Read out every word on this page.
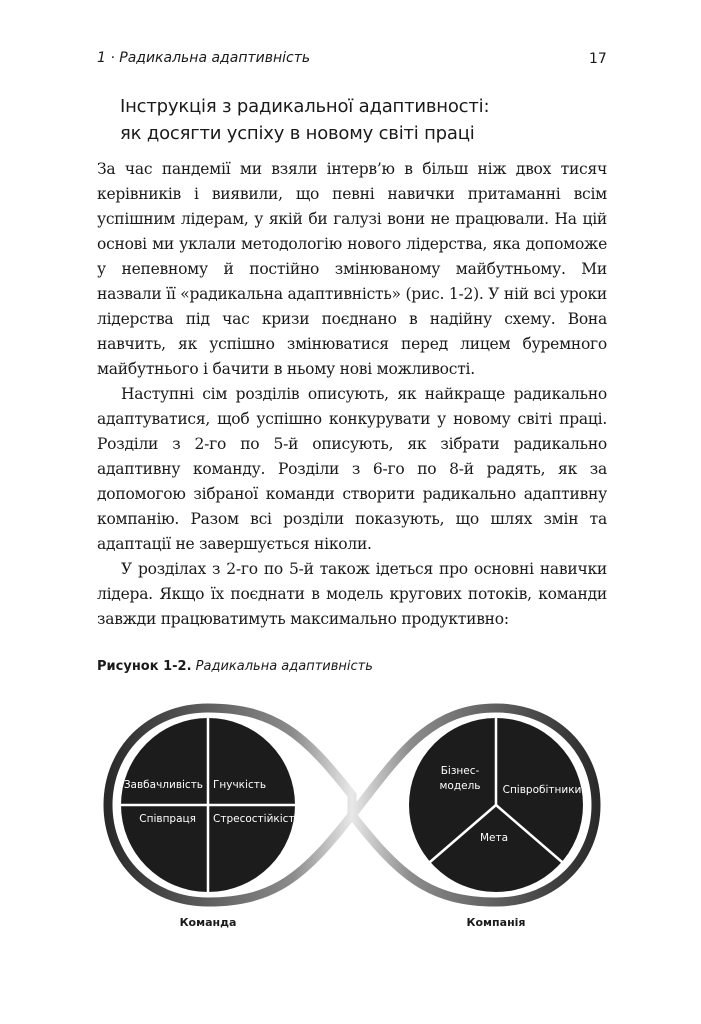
1 · Радикальна адаптивність	17
Інструкція з радикальної адаптивності:
як досягти успіху в новому світі праці

За час пандемії ми взяли інтерв’ю в більш ніж двох тисяч керівників і виявили, що певні навички притаманні всім успішним лідерам, у якій би галузі вони не працювали. На цій основі ми уклали методологію нового лідерства, яка допоможе у непевному й постійно змінюваному майбутньому. Ми назвали її «радикальна адаптивність» (рис. 1-2). У ній всі уроки лідерства під час кризи поєднано в надійну схему. Вона навчить, як успішно змінюватися перед лицем буремного майбутнього і бачити в ньому нові можливості.

Наступні сім розділів описують, як найкраще радикально адаптуватися, щоб успішно конкурувати у новому світі праці. Розділи з 2-го по 5-й описують, як зібрати радикально адаптивну команду. Розділи з 6-го по 8-й радять, як за допомогою зібраної команди створити радикально адаптивну компанію. Разом всі розділи показують, що шлях змін та адаптації не завершується ніколи.

У розділах з 2-го по 5-й також ідеться про основні навички лідера. Якщо їх поєднати в модель кругових потоків, команди завжди працюватимуть максимально продуктивно:

Рисунок 1-2. Радикальна адаптивність
Завбачливість Гнучкість
Співпраця Стресостійкість
Бізнес-
модель Співробітники
Мета
Команда	Компанія
